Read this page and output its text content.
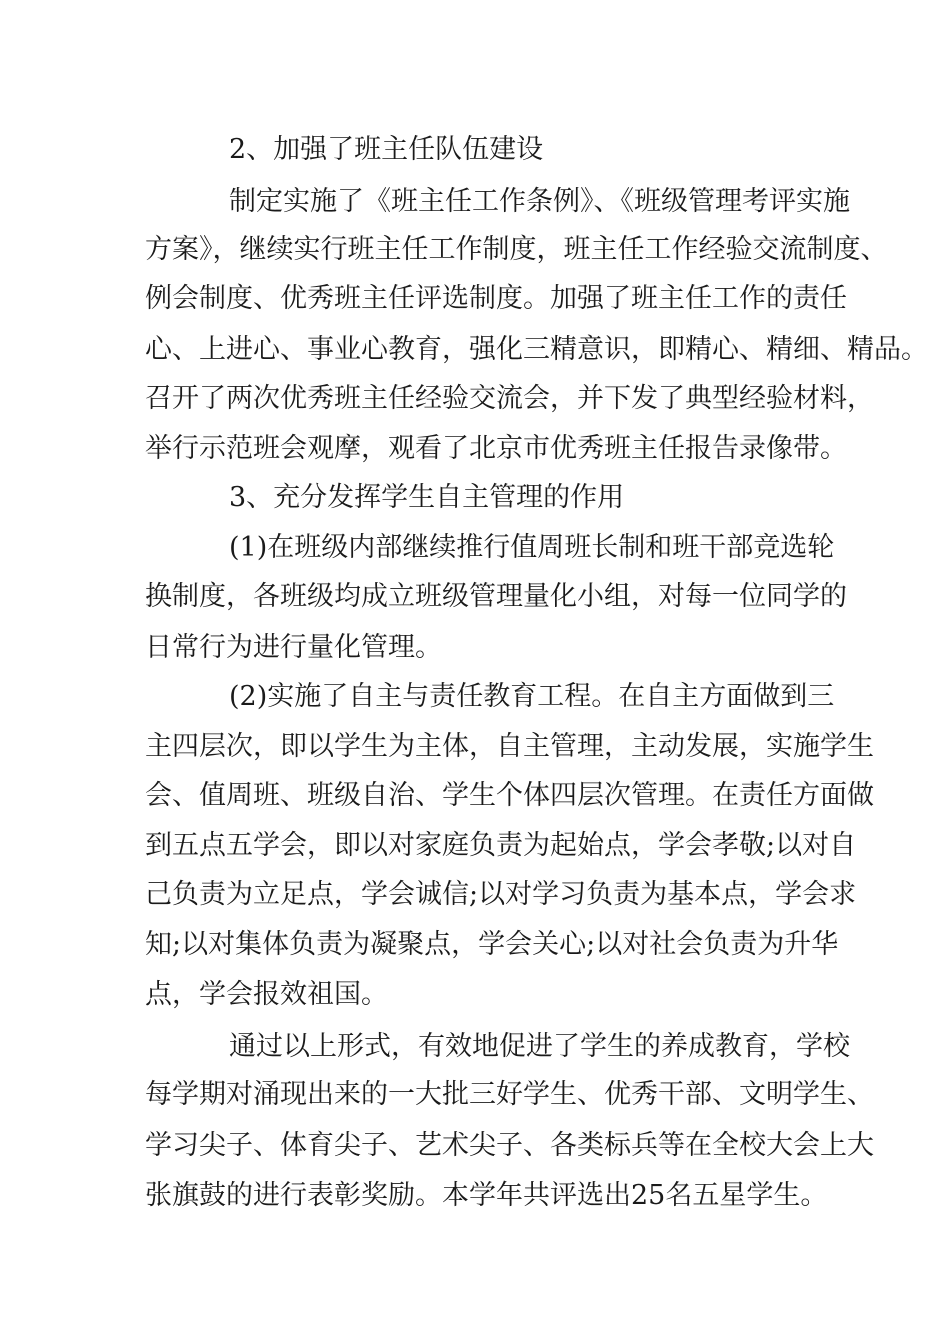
2、加强了班主任队伍建设
制定实施了《班主任工作条例》、《班级管理考评实施
方案》，继续实行班主任工作制度，班主任工作经验交流制度、
例会制度、优秀班主任评选制度。加强了班主任工作的责任
心、上进心、事业心教育，强化三精意识，即精心、精细、精品。
召开了两次优秀班主任经验交流会，并下发了典型经验材料，
举行示范班会观摩，观看了北京市优秀班主任报告录像带。
3、充分发挥学生自主管理的作用
(1)在班级内部继续推行值周班长制和班干部竞选轮
换制度，各班级均成立班级管理量化小组，对每一位同学的
日常行为进行量化管理。
(2)实施了自主与责任教育工程。在自主方面做到三
主四层次，即以学生为主体，自主管理，主动发展，实施学生
会、值周班、班级自治、学生个体四层次管理。在责任方面做
到五点五学会，即以对家庭负责为起始点，学会孝敬;以对自
己负责为立足点，学会诚信;以对学习负责为基本点，学会求
知;以对集体负责为凝聚点，学会关心;以对社会负责为升华
点，学会报效祖国。
通过以上形式，有效地促进了学生的养成教育，学校
每学期对涌现出来的一大批三好学生、优秀干部、文明学生、
学习尖子、体育尖子、艺术尖子、各类标兵等在全校大会上大
张旗鼓的进行表彰奖励。本学年共评选出25名五星学生。
